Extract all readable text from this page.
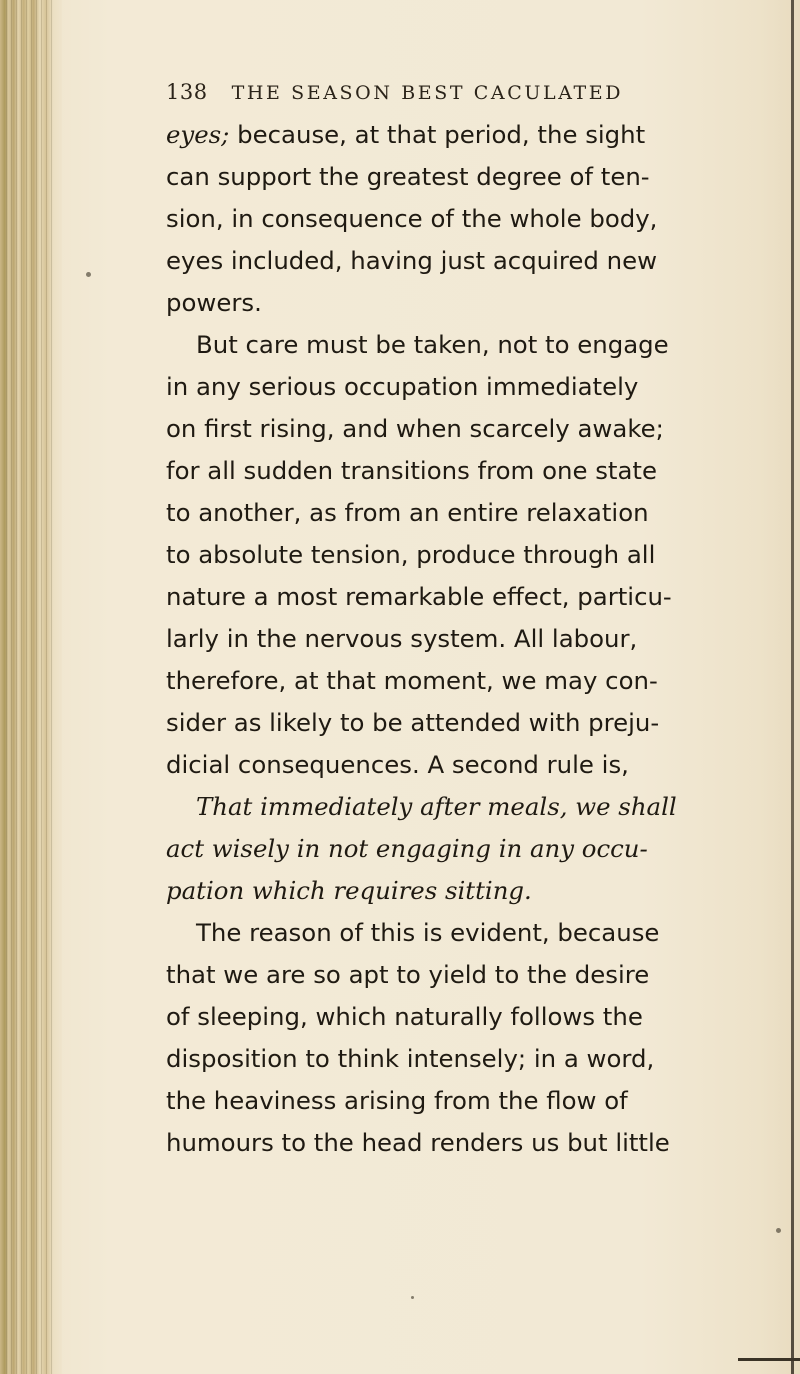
138 THE SEASON BEST CACULATED
eyes; because, at that period, the sight
can support the greatest degree of ten-
sion, in consequence of the whole body,
eyes included, having just acquired new
powers.
But care must be taken, not to engage
in any serious occupation immediately
on first rising, and when scarcely awake;
for all sudden transitions from one state
to another, as from an entire relaxation
to absolute tension, produce through all
nature a most remarkable effect, particu-
larly in the nervous system. All labour,
therefore, at that moment, we may con-
sider as likely to be attended with preju-
dicial consequences. A second rule is,
That immediately after meals, we shall
act wisely in not engaging in any occu-
pation which requires sitting.
The reason of this is evident, because
that we are so apt to yield to the desire
of sleeping, which naturally follows the
disposition to think intensely; in a word,
the heaviness arising from the flow of
humours to the head renders us but little
